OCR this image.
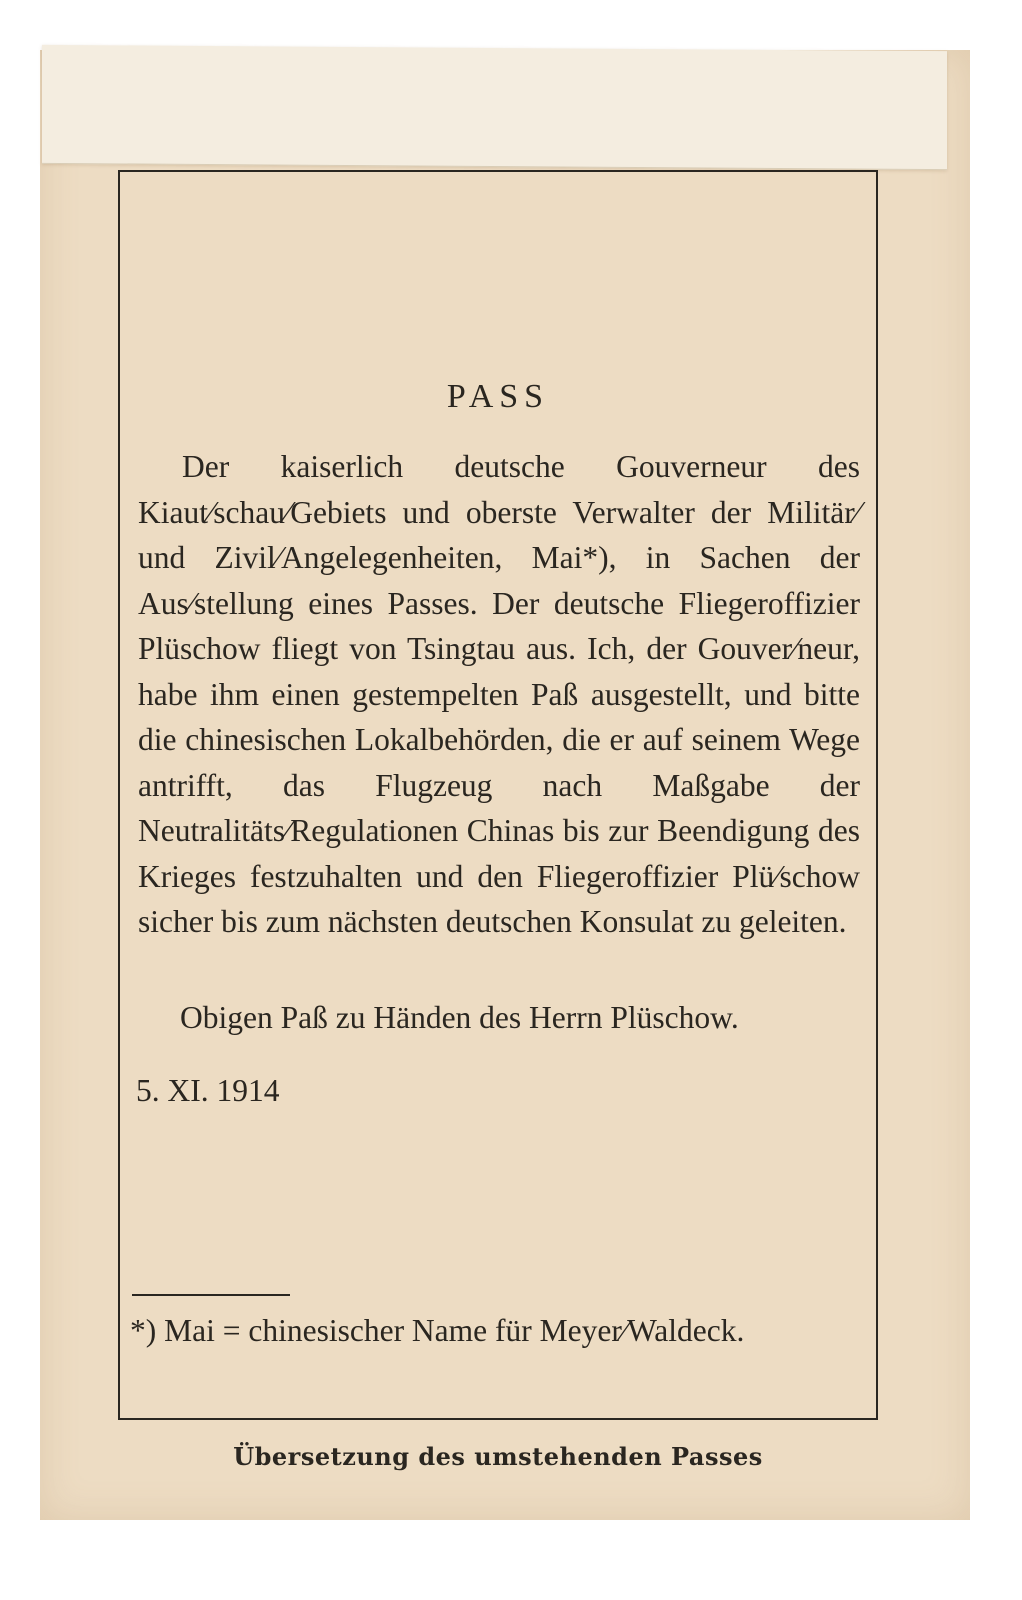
PASS

Der kaiserlich deutsche Gouverneur des Kiaut⁄schau⁄Gebiets und oberste Verwalter der Militär⁄ und Zivil⁄Angelegenheiten, Mai*), in Sachen der Aus⁄stellung eines Passes. Der deutsche Fliegeroffizier Plüschow fliegt von Tsingtau aus. Ich, der Gouver⁄neur, habe ihm einen gestempelten Paß ausgestellt, und bitte die chinesischen Lokalbehörden, die er auf seinem Wege antrifft, das Flugzeug nach Maßgabe der Neutralitäts⁄Regulationen Chinas bis zur Beendigung des Krieges festzuhalten und den Fliegeroffizier Plü⁄schow sicher bis zum nächsten deutschen Konsulat zu geleiten.

Obigen Paß zu Händen des Herrn Plüschow.

5. XI. 1914

*) Mai = chinesischer Name für Meyer⁄Waldeck.

Übersetzung des umstehenden Passes
